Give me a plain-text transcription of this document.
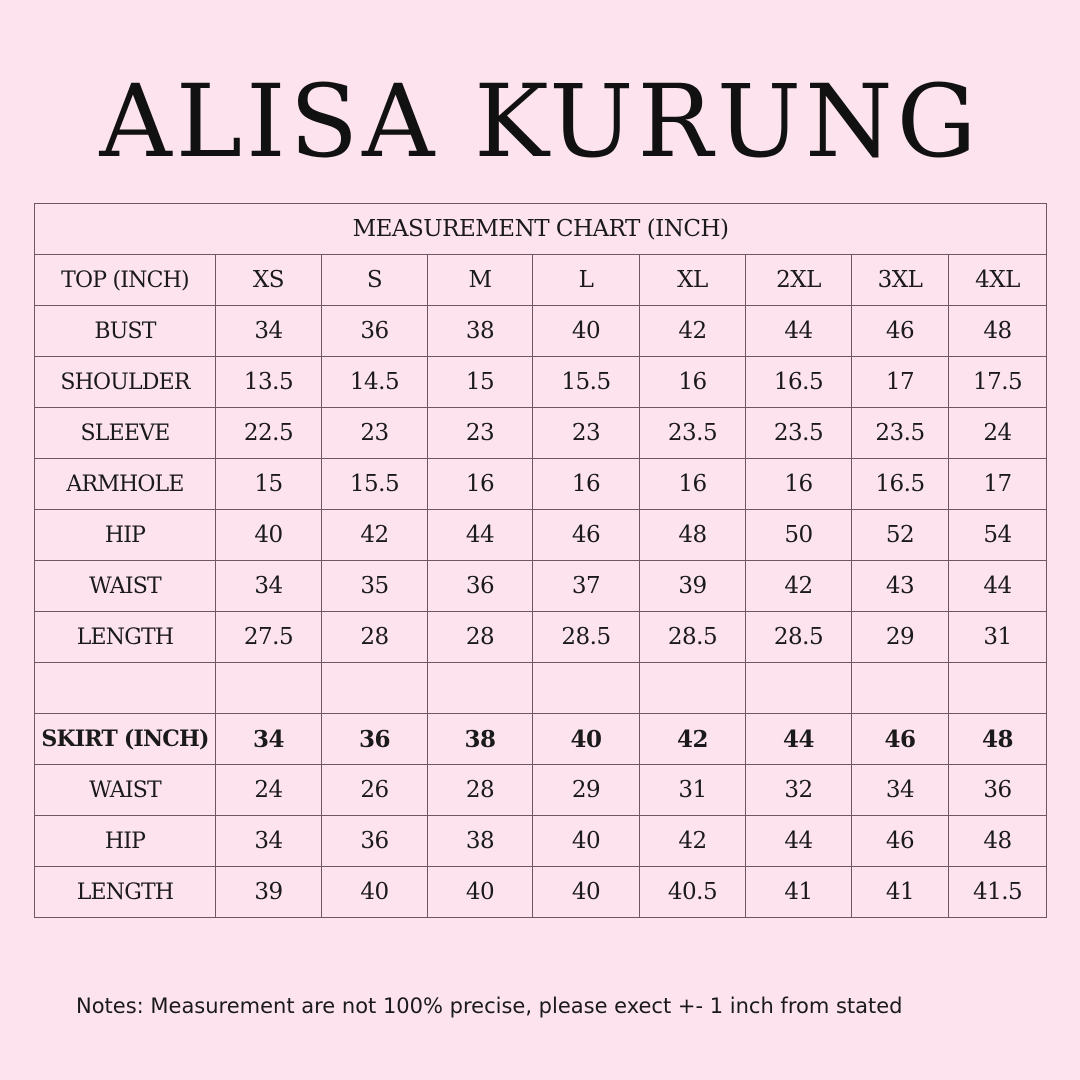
ALISA KURUNG
MEASUREMENT CHART (INCH)								
TOP (INCH)	XS	S	M	L	XL	2XL	3XL	4XL
BUST	34	36	38	40	42	44	46	48
SHOULDER	13.5	14.5	15	15.5	16	16.5	17	17.5
SLEEVE	22.5	23	23	23	23.5	23.5	23.5	24
ARMHOLE	15	15.5	16	16	16	16	16.5	17
HIP	40	42	44	46	48	50	52	54
WAIST	34	35	36	37	39	42	43	44
LENGTH	27.5	28	28	28.5	28.5	28.5	29	31

SKIRT (INCH)	34	36	38	40	42	44	46	48
WAIST	24	26	28	29	31	32	34	36
HIP	34	36	38	40	42	44	46	48
LENGTH	39	40	40	40	40.5	41	41	41.5

Notes: Measurement are not 100% precise, please exect +- 1 inch from stated
